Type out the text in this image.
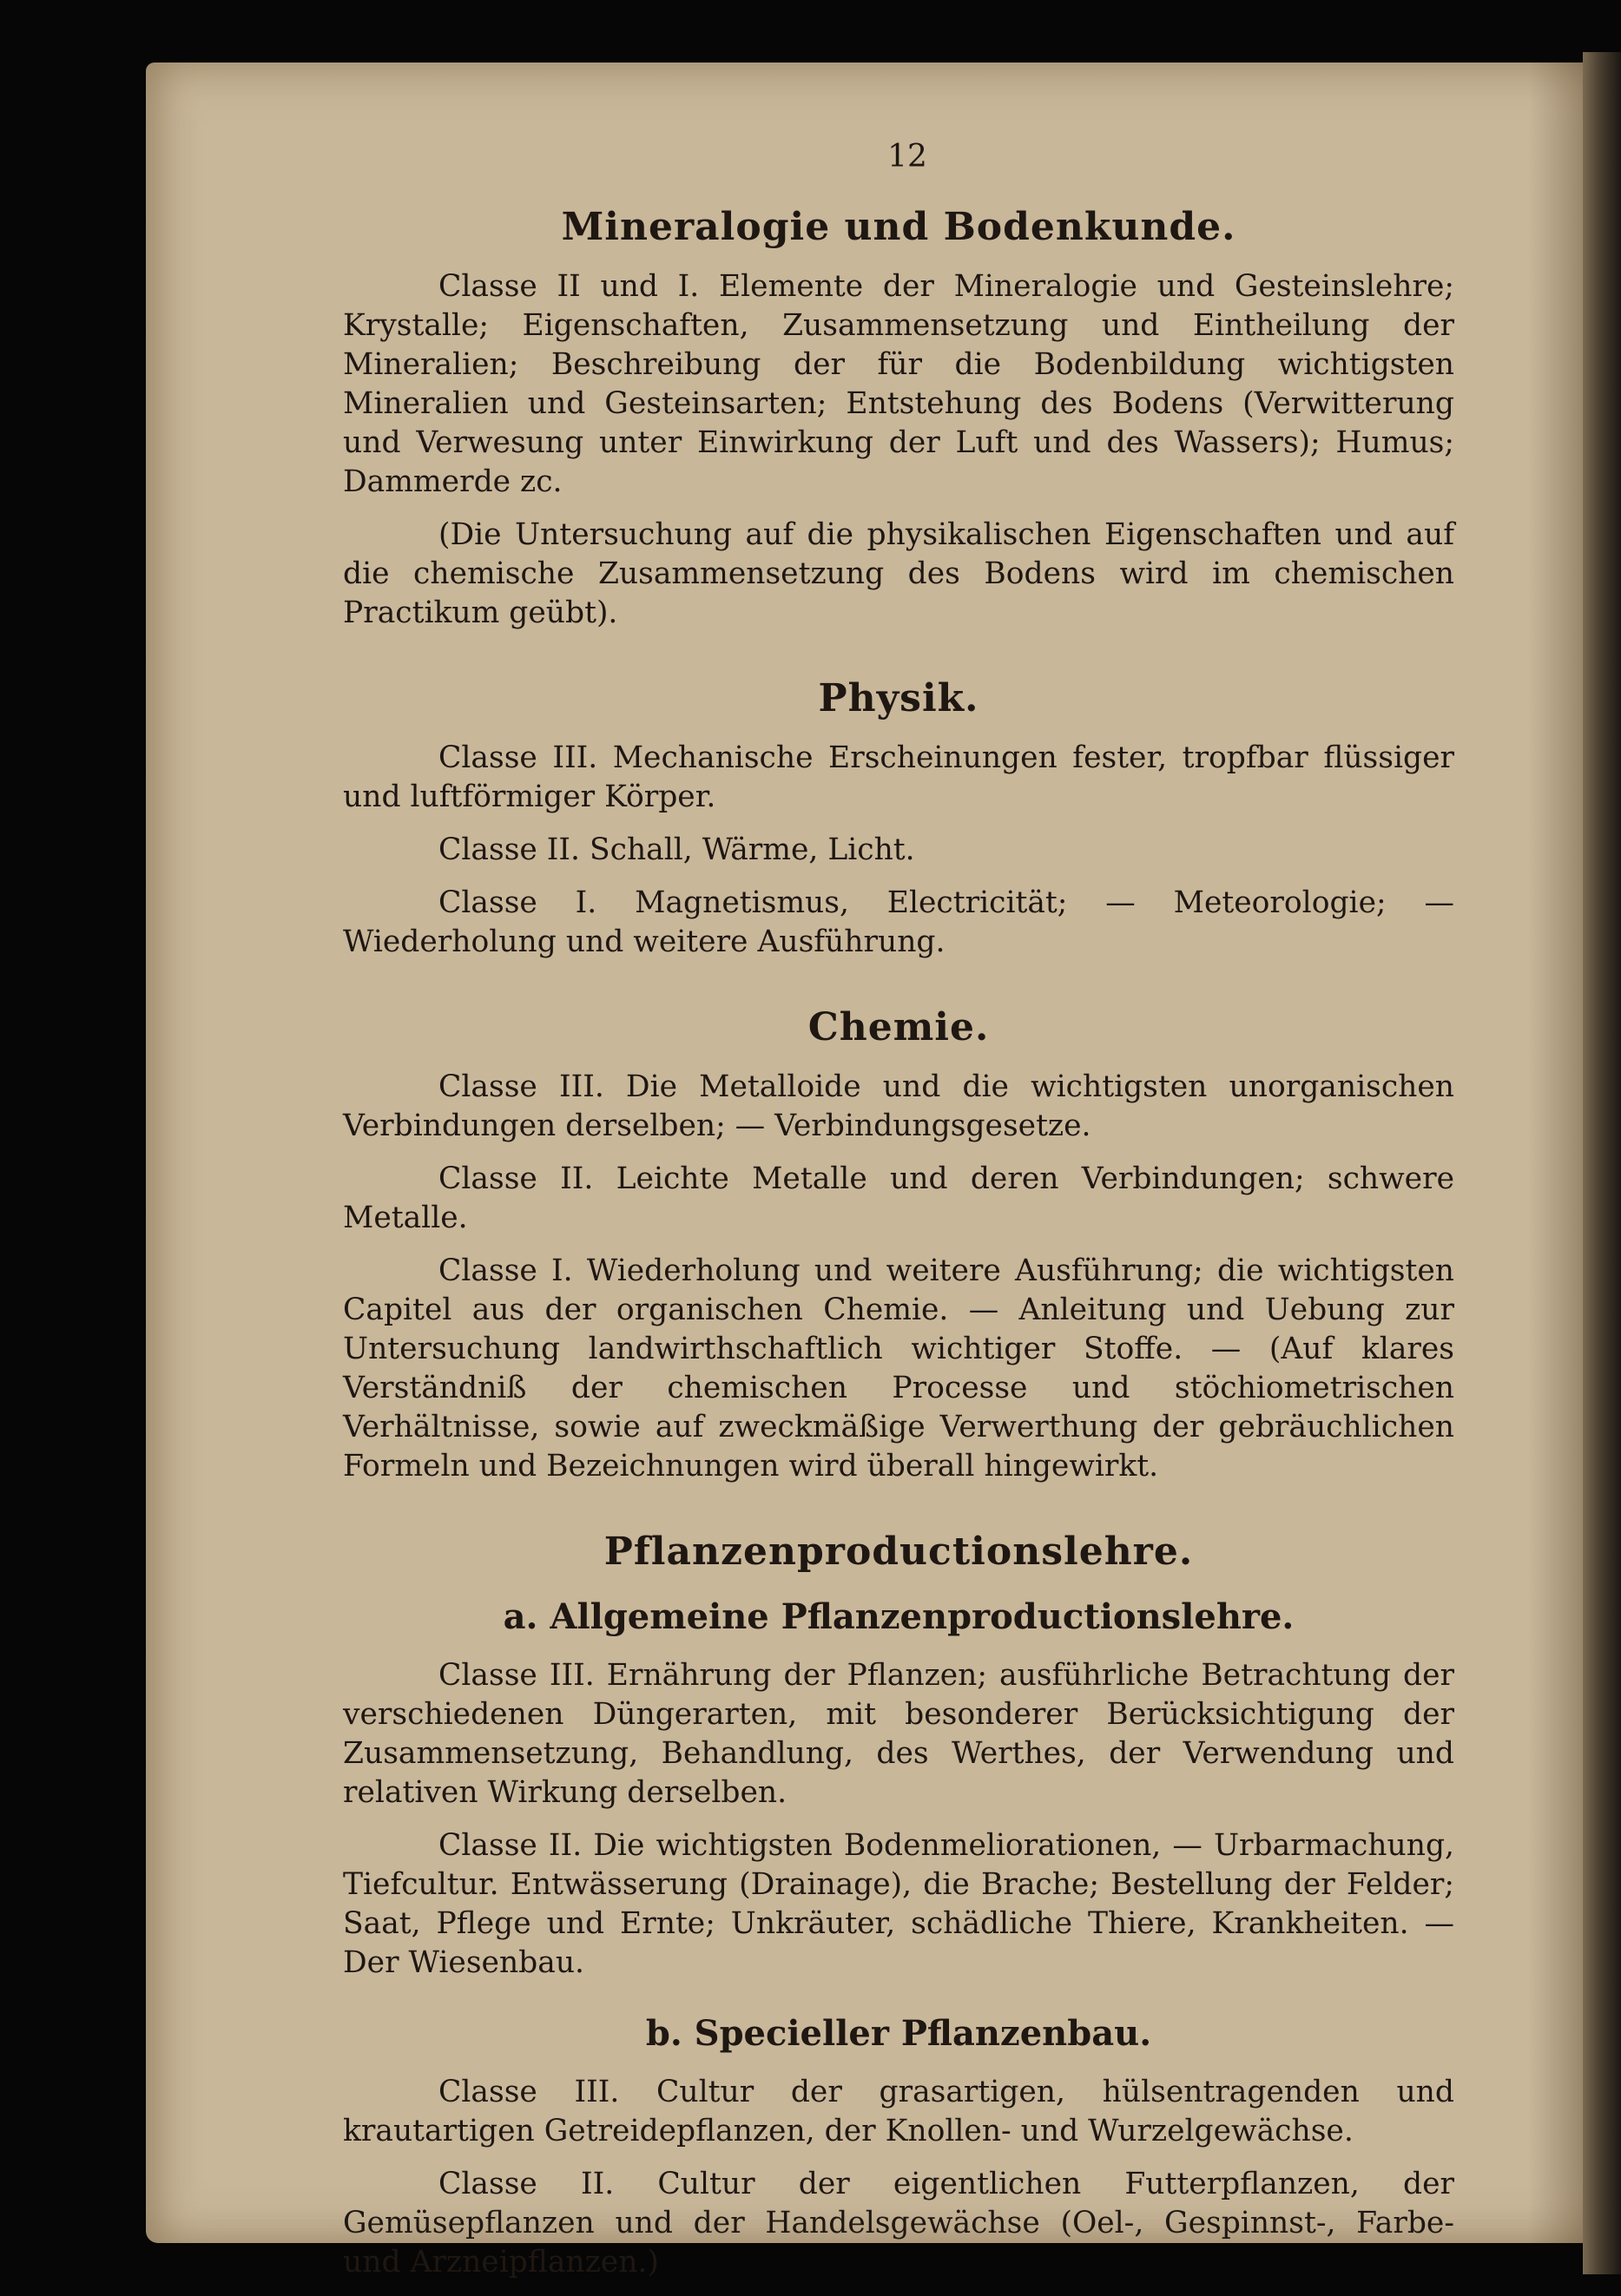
12
Mineralogie und Bodenkunde.

Classe II und I. Elemente der Mineralogie und Gesteinslehre; Krystalle; Eigenschaften, Zusammensetzung und Eintheilung der Mineralien; Beschreibung der für die Bodenbildung wichtigsten Mineralien und Gesteinsarten; Entstehung des Bodens (Verwitterung und Verwesung unter Einwirkung der Luft und des Wassers); Humus; Dammerde zc.

(Die Untersuchung auf die physikalischen Eigenschaften und auf die chemische Zusammensetzung des Bodens wird im chemischen Practikum geübt).

Physik.

Classe III. Mechanische Erscheinungen fester, tropfbar flüssiger und luftförmiger Körper.

Classe II. Schall, Wärme, Licht.

Classe I. Magnetismus, Electricität; — Meteorologie; — Wiederholung und weitere Ausführung.

Chemie.

Classe III. Die Metalloide und die wichtigsten unorganischen Verbindungen derselben; — Verbindungsgesetze.

Classe II. Leichte Metalle und deren Verbindungen; schwere Metalle.

Classe I. Wiederholung und weitere Ausführung; die wichtigsten Capitel aus der organischen Chemie. — Anleitung und Uebung zur Untersuchung landwirthschaftlich wichtiger Stoffe. — (Auf klares Verständniß der chemischen Processe und stöchiometrischen Verhältnisse, sowie auf zweckmäßige Verwerthung der gebräuchlichen Formeln und Bezeichnungen wird überall hingewirkt.

Pflanzenproductionslehre.
a. Allgemeine Pflanzenproductionslehre.

Classe III. Ernährung der Pflanzen; ausführliche Betrachtung der verschiedenen Düngerarten, mit besonderer Berücksichtigung der Zusammensetzung, Behandlung, des Werthes, der Verwendung und relativen Wirkung derselben.

Classe II. Die wichtigsten Bodenmeliorationen, — Urbarmachung, Tiefcultur. Entwässerung (Drainage), die Brache; Bestellung der Felder; Saat, Pflege und Ernte; Unkräuter, schädliche Thiere, Krankheiten. — Der Wiesenbau.

b. Specieller Pflanzenbau.

Classe III. Cultur der grasartigen, hülsentragenden und krautartigen Getreidepflanzen, der Knollen- und Wurzelgewächse.

Classe II. Cultur der eigentlichen Futterpflanzen, der Gemüsepflanzen und der Handelsgewächse (Oel-, Gespinnst-, Farbe- und Arzneipflanzen.)
